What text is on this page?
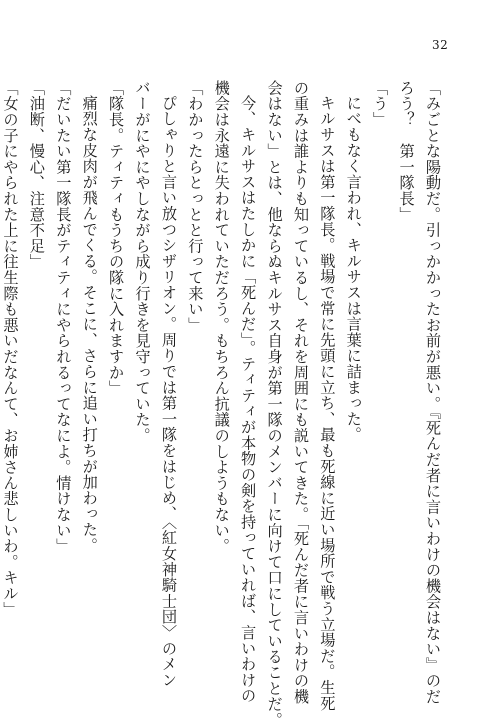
32
「みごとな陽動だ。引っかかったお前が悪い。『死んだ者に言いわけの機会はない』のだ
ろう？　第一隊長」
「う」
にべもなく言われ、キルサスは言葉に詰まった。
キルサスは第一隊長。戦場で常に先頭に立ち、最も死線に近い場所で戦う立場だ。生死
の重みは誰よりも知っているし、それを周囲にも説いてきた。「死んだ者に言いわけの機
会はない」とは、他ならぬキルサス自身が第一隊のメンバーに向けて口にしていることだ。
今、キルサスはたしかに「死んだ」。ティティが本物の剣を持っていれば、言いわけの
機会は永遠に失われていただろう。もちろん抗議のしようもない。
「わかったらとっとと行って来い」
ぴしゃりと言い放つシザリオン。周りでは第一隊をはじめ、〈紅女神騎士団〉のメン
バーがにやにやしながら成り行きを見守っていた。
「隊長。ティティもうちの隊に入れますか」
痛烈な皮肉が飛んでくる。そこに、さらに追い打ちが加わった。
「だいたい第一隊長がティティにやられるってなによ。情けない」
「油断、慢心、注意不足」
「女の子にやられた上に往生際も悪いだなんて、お姉さん悲しいわ。キル」
